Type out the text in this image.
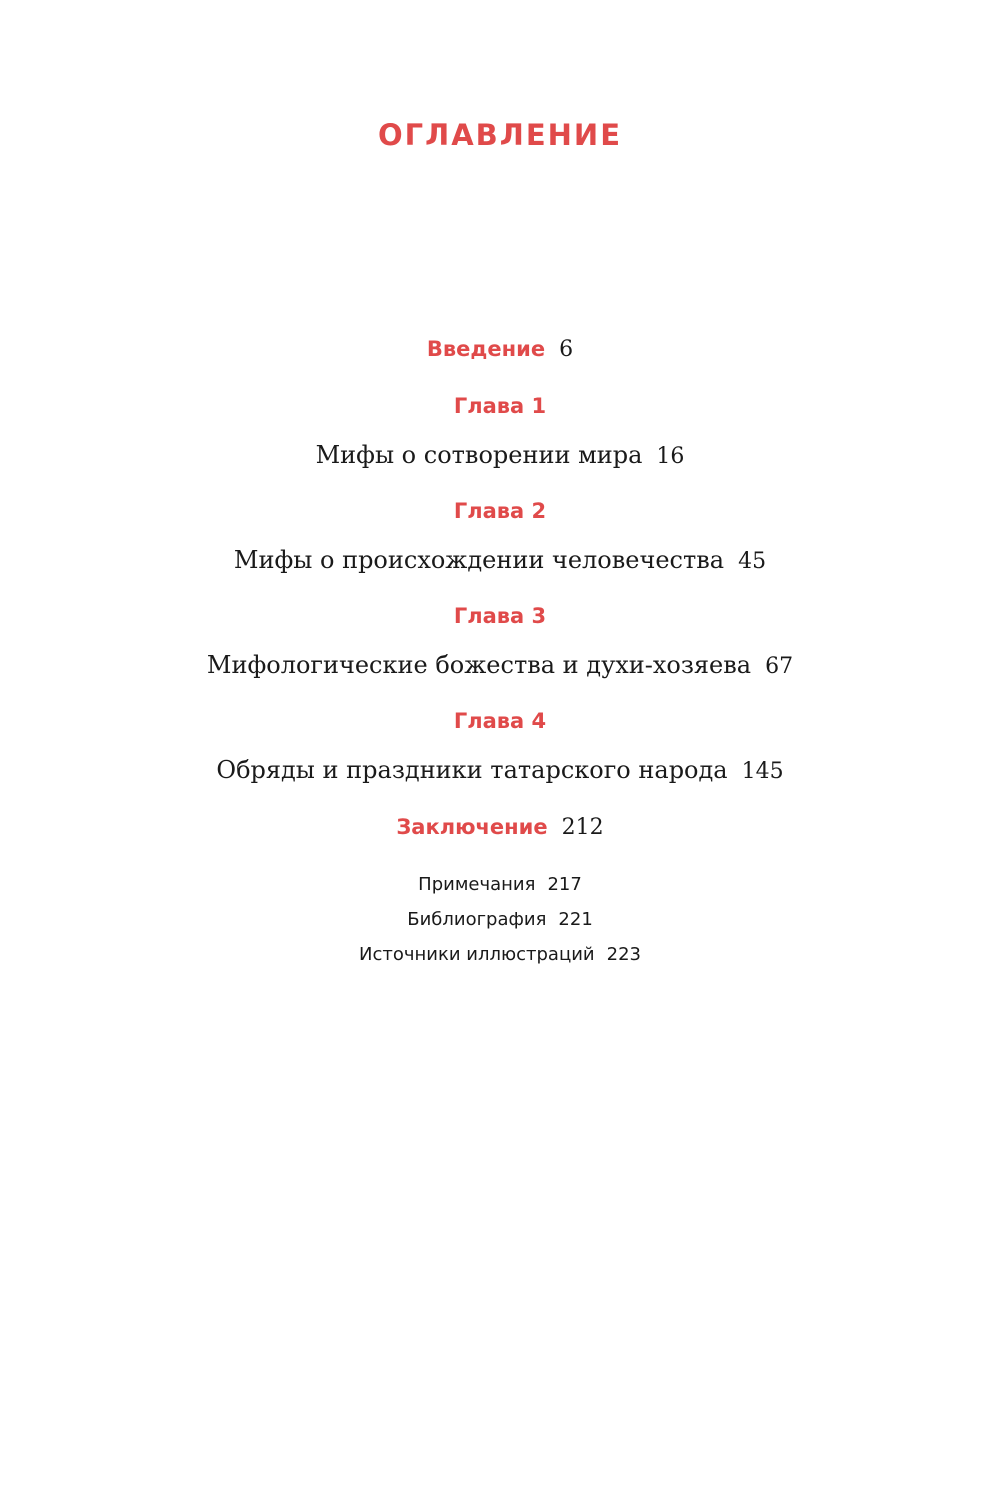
ОГЛАВЛЕНИЕ
Введение 6
Глава 1
Мифы о сотворении мира 16
Глава 2
Мифы о происхождении человечества 45
Глава 3
Мифологические божества и духи-хозяева 67
Глава 4
Обряды и праздники татарского народа 145
Заключение 212
Примечания 217
Библиография 221
Источники иллюстраций 223
